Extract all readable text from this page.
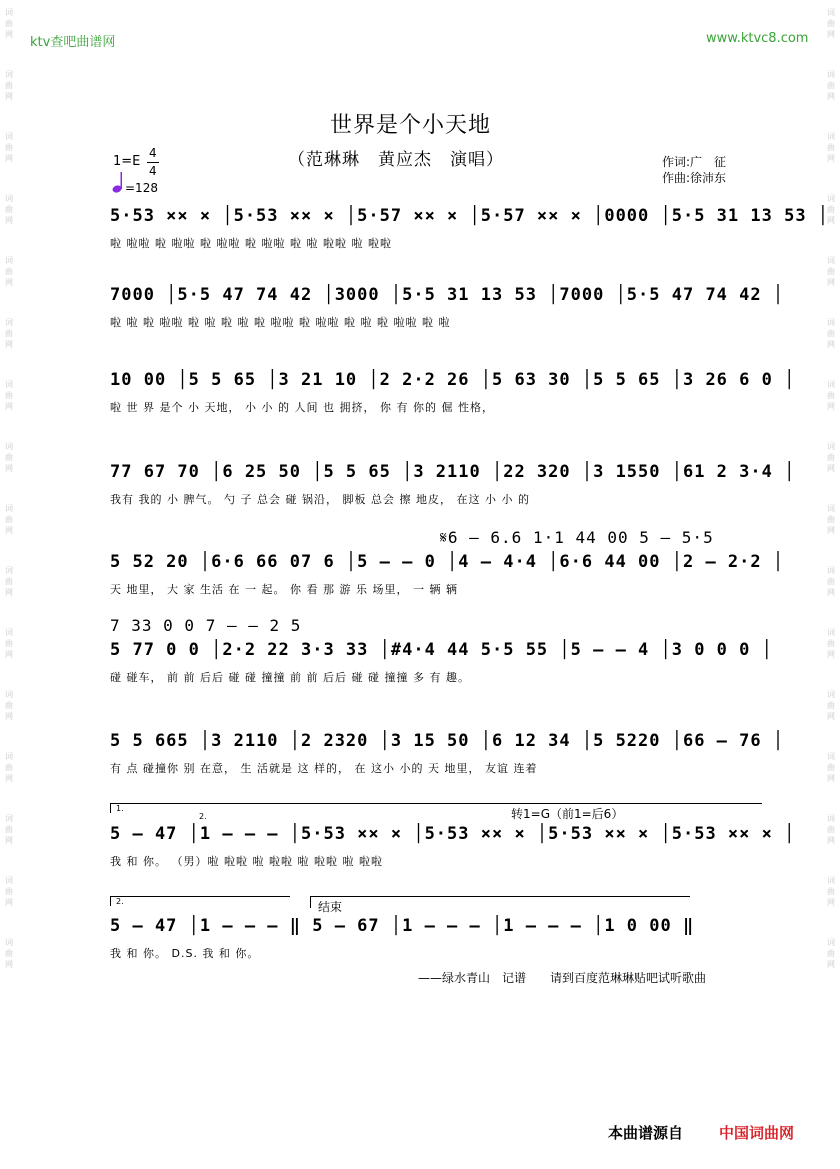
词
曲
网
词
曲
网
词
曲
网
词
曲
网
词
曲
网
词
曲
网
词
曲
网
词
曲
网
词
曲
网
词
曲
网
词
曲
网
词
曲
网
词
曲
网
词
曲
网
词
曲
网
词
曲
网
词
曲
网
词
曲
网
词
曲
网
词
曲
网
词
曲
网
词
曲
网
词
曲
网
词
曲
网
词
曲
网
词
曲
网
词
曲
网
词
曲
网
词
曲
网
词
曲
网
词
曲
网
词
曲
网
ktv查吧曲谱网	www.ktvc8.com
世界是个小天地
（范琳琳　黄应杰　演唱）	作词:广　征
作曲:徐沛东
1=E
4
4
=128
5·53 ×× × │5·53 ×× × │5·57 ×× × │5·57 ×× × │0000 │5·5 31 13 53 │
啦 啦啦 啦 啦啦 啦 啦啦 啦 啦啦 啦 啦 啦啦 啦 啦啦
7000 │5·5 47 74 42 │3000 │5·5 31 13 53 │7000 │5·5 47 74 42 │
啦 啦 啦 啦啦 啦 啦 啦 啦 啦 啦啦 啦 啦啦 啦 啦 啦 啦啦 啦 啦
10 00 │5 5 65 │3 21 10 │2 2·2 26 │5 63 30 │5 5 65 │3 26 6 0 │
啦 世 界 是个 小 天地， 小 小 的 人间 也 拥挤， 你 有 你的 倔 性格，
77 67 70 │6 25 50 │5 5 65 │3 2110 │22 320 │3 1550 │61 2 3·4 │
我有 我的 小 脾气。 勺 子 总会 碰 锅沿， 脚板 总会 擦 地皮， 在这 小 小 的
𝄋6 — 6.6 1·1 44 00 5 — 5·5
5 52 20 │6·6 66 07 6 │5 — — 0 │4 — 4·4 │6·6 44 00 │2 — 2·2 │
天 地里， 大 家 生活 在 一 起。 你 看 那 游 乐 场里， 一 辆 辆
7 33 0 0 7 — — 2 5
5 77 0 0 │2·2 22 3·3 33 │#4·4 44 5·5 55 │5 — — 4 │3 0 0 0 │
碰 碰车， 前 前 后后 碰 碰 撞撞 前 前 后后 碰 碰 撞撞 多 有 趣。
5 5 665 │3 2110 │2 2320 │3 15 50 │6 12 34 │5 5220 │66 — 76 │
有 点 碰撞你 别 在意， 生 活就是 这 样的， 在 这小 小的 天 地里， 友谊 连着
1.
2.	转1=G（前1=后6）
5 — 47 │1 — — — │5·53 ×× × │5·53 ×× × │5·53 ×× × │5·53 ×× × │
我 和 你。 （男）啦 啦啦 啦 啦啦 啦 啦啦 啦 啦啦
2.	结束
5 — 47 │1 — — — ‖ 5 — 67 │1 — — — │1 — — — │1 0 00 ‖
我 和 你。 D.S. 我 和 你。
——绿水青山　记谱　　请到百度范琳琳贴吧试听歌曲
本曲谱源自 中国词曲网
